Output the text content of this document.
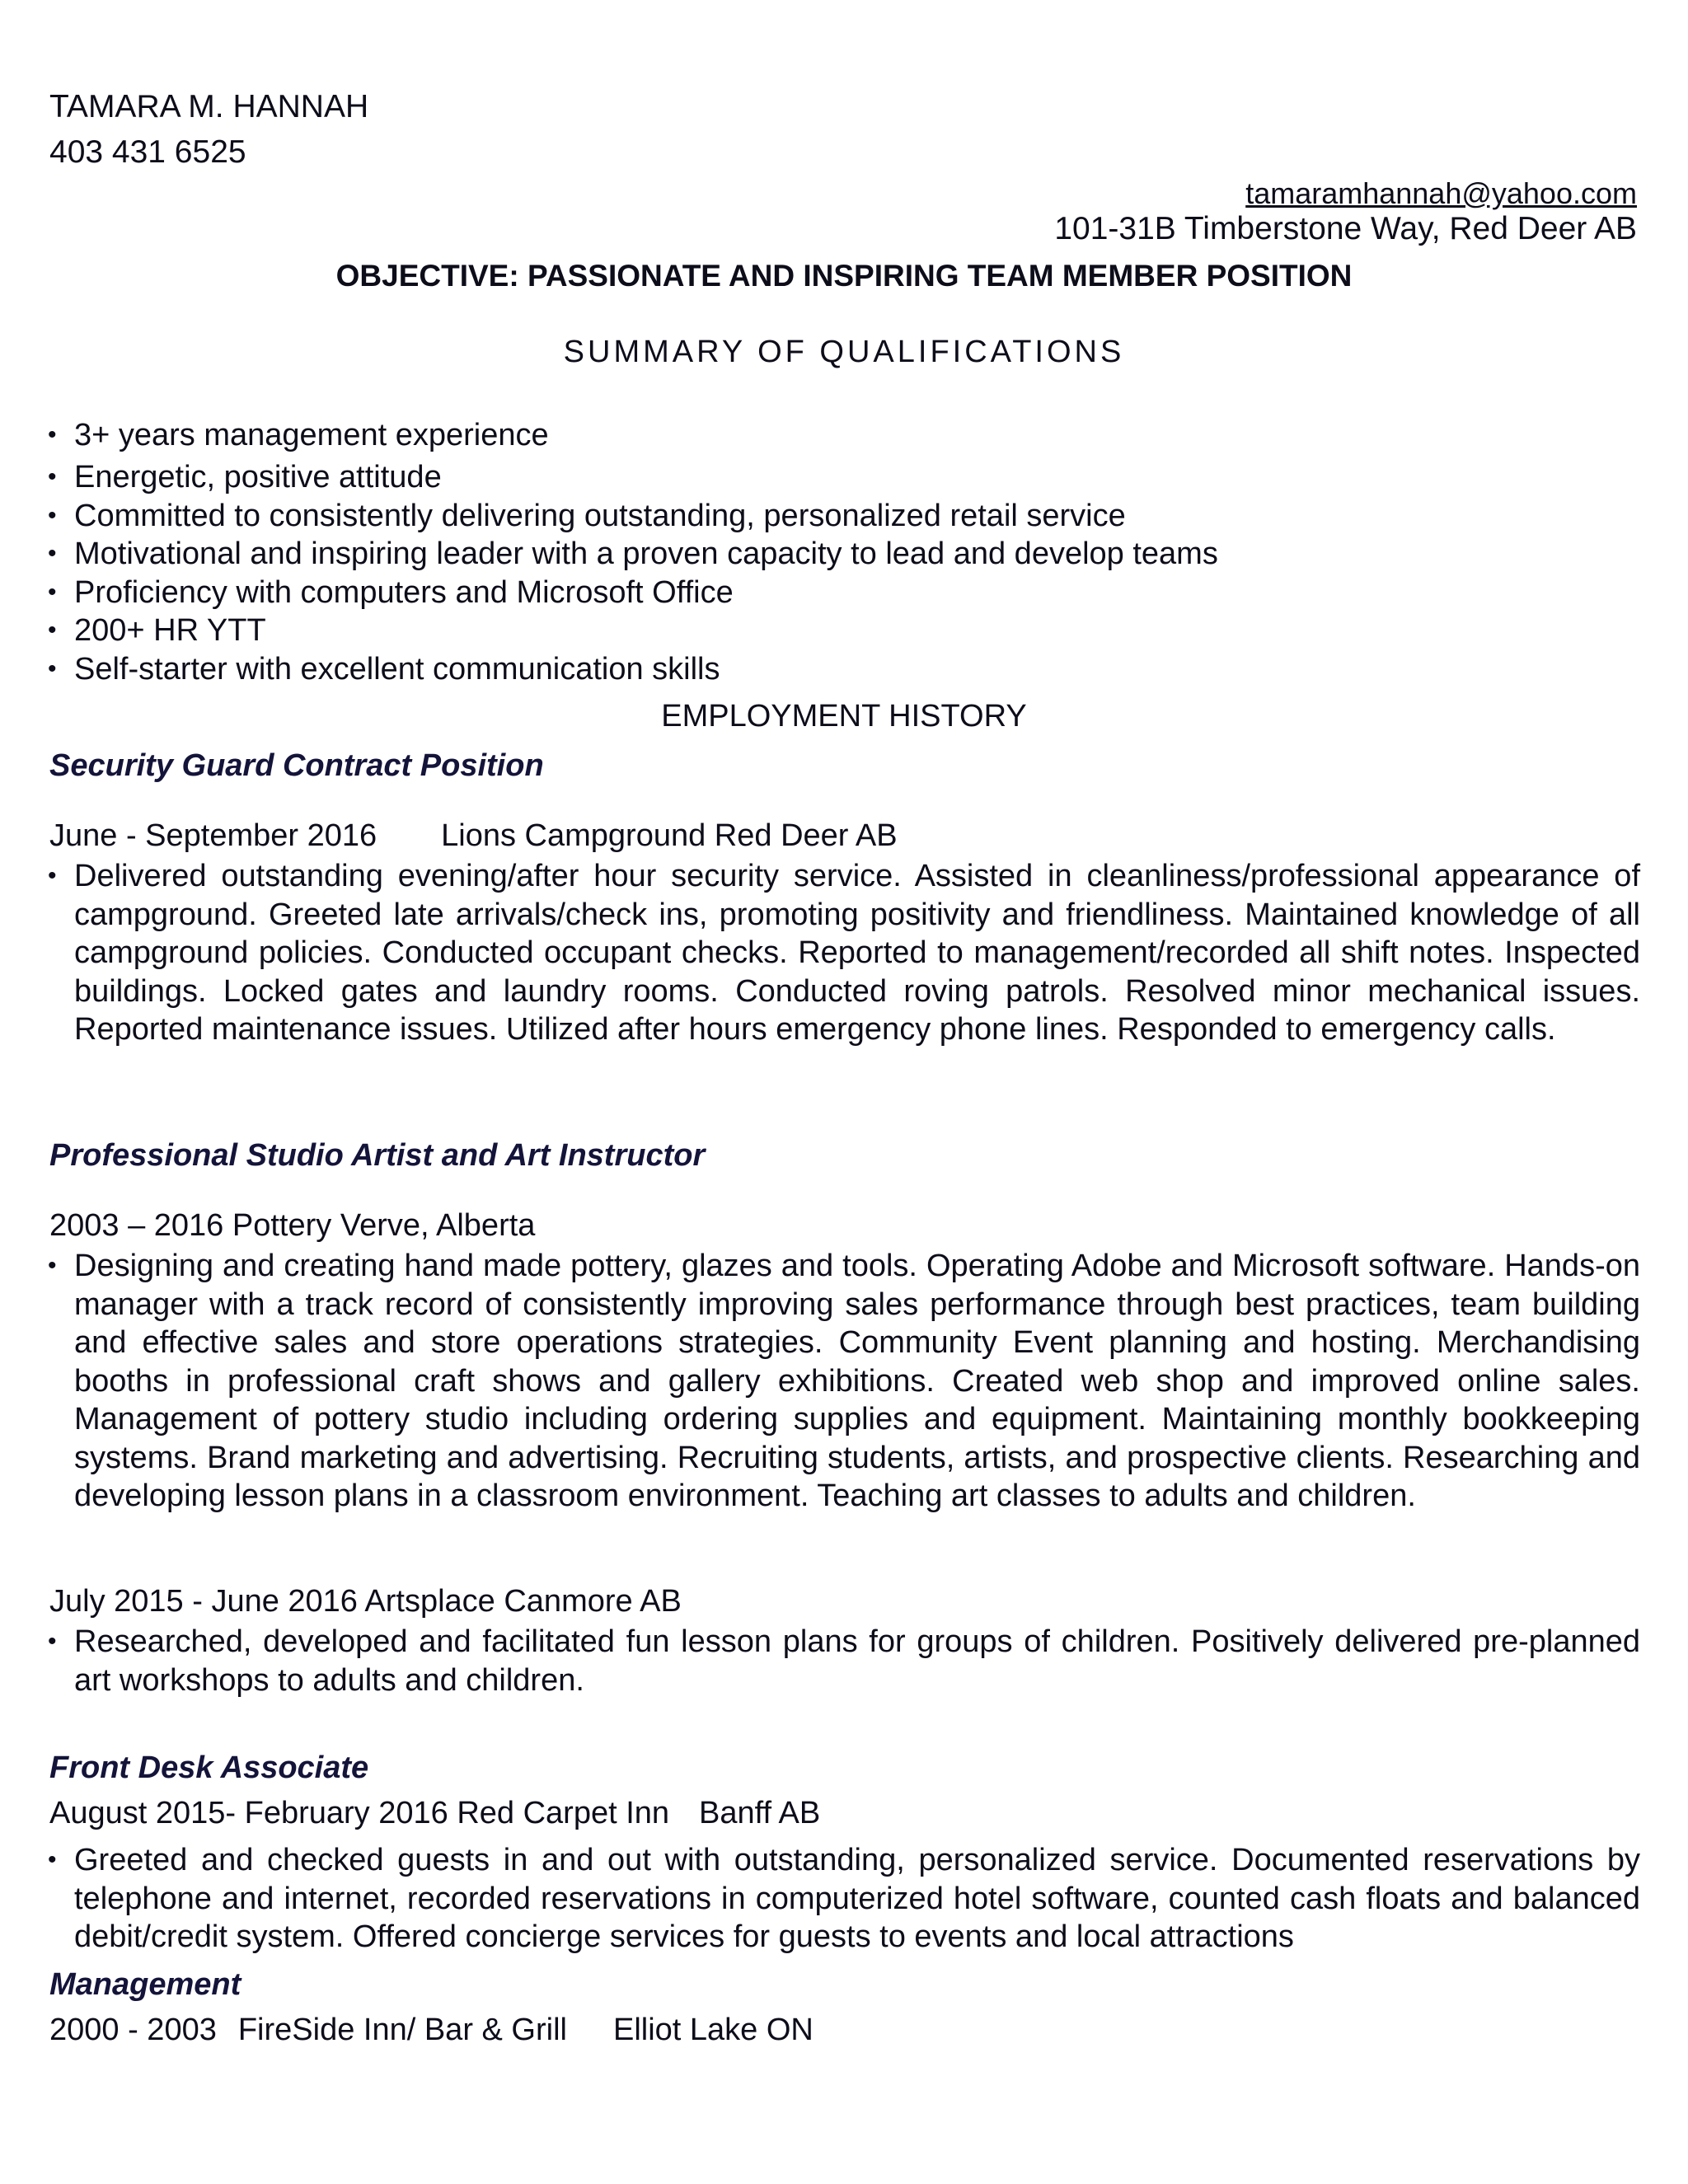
TAMARA M. HANNAH
403 431 6525
tamaramhannah@yahoo.com
101-31B Timberstone Way, Red Deer AB
OBJECTIVE: PASSIONATE AND INSPIRING TEAM MEMBER POSITION
SUMMARY OF QUALIFICATIONS
• 3+ years management experience
• Energetic, positive attitude
• Committed to consistently delivering outstanding, personalized retail service
• Motivational and inspiring leader with a proven capacity to lead and develop teams
• Proficiency with computers and Microsoft Office
• 200+ HR YTT
• Self-starter with excellent communication skills
EMPLOYMENT HISTORY
Security Guard Contract Position
June - September 2016 Lions Campground Red Deer AB
• Delivered outstanding evening/after hour security service. Assisted in cleanliness/professional appearance of campground. Greeted late arrivals/check ins, promoting positivity and friendliness. Maintained knowledge of all campground policies. Conducted occupant checks. Reported to management/recorded all shift notes. Inspected buildings. Locked gates and laundry rooms. Conducted roving patrols. Resolved minor mechanical issues. Reported maintenance issues. Utilized after hours emergency phone lines. Responded to emergency calls.
Professional Studio Artist and Art Instructor
2003 – 2016 Pottery Verve, Alberta
• Designing and creating hand made pottery, glazes and tools. Operating Adobe and Microsoft software. Hands-on manager with a track record of consistently improving sales performance through best practices, team building and effective sales and store operations strategies. Community Event planning and hosting. Merchandising booths in professional craft shows and gallery exhibitions. Created web shop and improved online sales. Management of pottery studio including ordering supplies and equipment. Maintaining monthly bookkeeping systems. Brand marketing and advertising. Recruiting students, artists, and prospective clients. Researching and developing lesson plans in a classroom environment. Teaching art classes to adults and children.
July 2015 - June 2016 Artsplace Canmore AB
• Researched, developed and facilitated fun lesson plans for groups of children. Positively delivered pre-planned art workshops to adults and children.
Front Desk Associate
August 2015- February 2016 Red Carpet Inn Banff AB
• Greeted and checked guests in and out with outstanding, personalized service. Documented reservations by telephone and internet, recorded reservations in computerized hotel software, counted cash floats and balanced debit/credit system. Offered concierge services for guests to events and local attractions
Management
2000 - 2003 FireSide Inn/ Bar & Grill Elliot Lake ON
